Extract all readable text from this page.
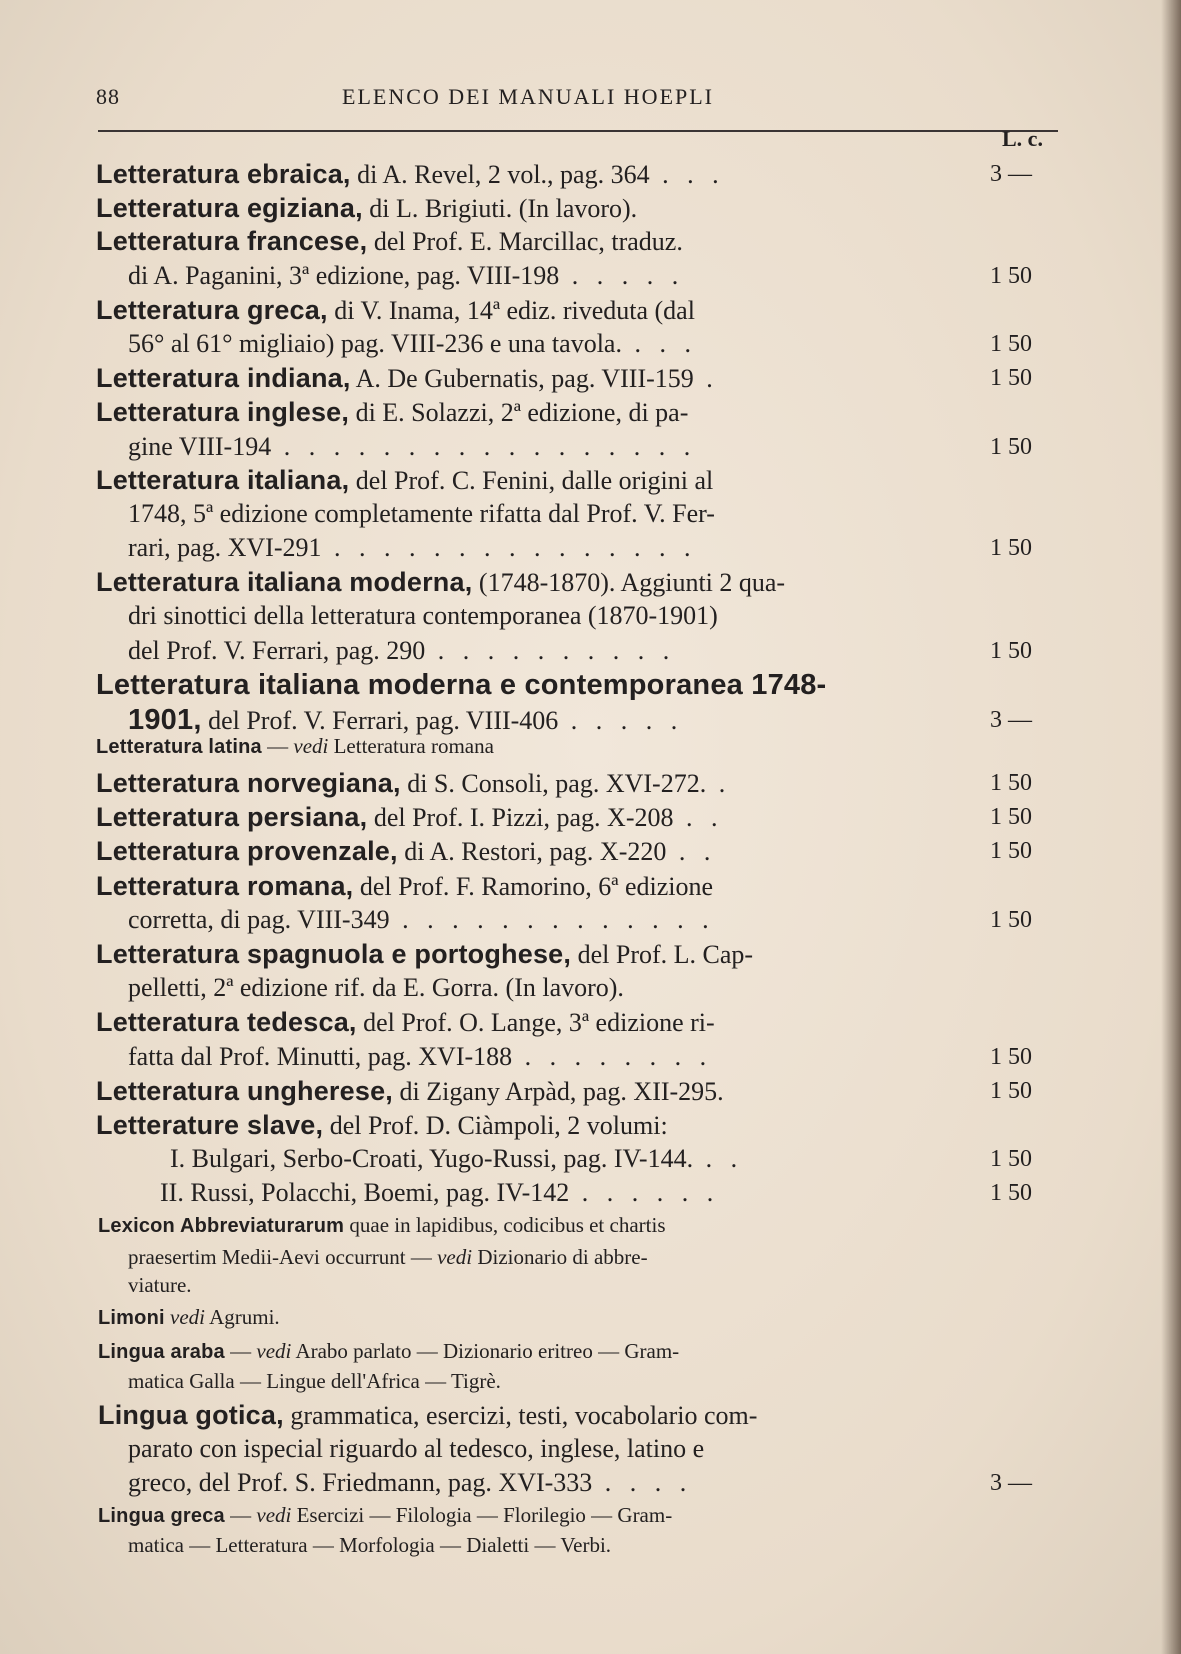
88	ELENCO DEI MANUALI HOEPLI
L. c.
Letteratura ebraica, di A. Revel, 2 vol., pag. 364 . . .	3 —
Letteratura egiziana, di L. Brigiuti. (In lavoro).
Letteratura francese, del Prof. E. Marcillac, traduz.
di A. Paganini, 3ª edizione, pag. VIII-198 . . . . .	1 50
Letteratura greca, di V. Inama, 14ª ediz. riveduta (dal
56° al 61° migliaio) pag. VIII-236 e una tavola. . . .	1 50
Letteratura indiana, A. De Gubernatis, pag. VIII-159 .	1 50
Letteratura inglese, di E. Solazzi, 2ª edizione, di pa-
gine VIII-194 . . . . . . . . . . . . . . . . .	1 50
Letteratura italiana, del Prof. C. Fenini, dalle origini al
1748, 5ª edizione completamente rifatta dal Prof. V. Fer-
rari, pag. XVI-291 . . . . . . . . . . . . . . .	1 50
Letteratura italiana moderna, (1748-1870). Aggiunti 2 qua-
dri sinottici della letteratura contemporanea (1870-1901)
del Prof. V. Ferrari, pag. 290 . . . . . . . . . .	1 50
Letteratura italiana moderna e contemporanea 1748-
1901, del Prof. V. Ferrari, pag. VIII-406 . . . . .	3 —
Letteratura latina — vedi Letteratura romana
Letteratura norvegiana, di S. Consoli, pag. XVI-272. .	1 50
Letteratura persiana, del Prof. I. Pizzi, pag. X-208 . .	1 50
Letteratura provenzale, di A. Restori, pag. X-220 . .	1 50
Letteratura romana, del Prof. F. Ramorino, 6ª edizione
corretta, di pag. VIII-349 . . . . . . . . . . . . .	1 50
Letteratura spagnuola e portoghese, del Prof. L. Cap-
pelletti, 2ª edizione rif. da E. Gorra. (In lavoro).
Letteratura tedesca, del Prof. O. Lange, 3ª edizione ri-
fatta dal Prof. Minutti, pag. XVI-188 . . . . . . . .	1 50
Letteratura ungherese, di Zigany Arpàd, pag. XII-295.	1 50
Letterature slave, del Prof. D. Ciàmpoli, 2 volumi:
I. Bulgari, Serbo-Croati, Yugo-Russi, pag. IV-144. . .	1 50
II. Russi, Polacchi, Boemi, pag. IV-142 . . . . . .	1 50
Lexicon Abbreviaturarum quae in lapidibus, codicibus et chartis
praesertim Medii-Aevi occurrunt — vedi Dizionario di abbre-
viature.
Limoni vedi Agrumi.
Lingua araba — vedi Arabo parlato — Dizionario eritreo — Gram-
matica Galla — Lingue dell'Africa — Tigrè.
Lingua gotica, grammatica, esercizi, testi, vocabolario com-
parato con ispecial riguardo al tedesco, inglese, latino e
greco, del Prof. S. Friedmann, pag. XVI-333 . . . .	3 —
Lingua greca — vedi Esercizi — Filologia — Florilegio — Gram-
matica — Letteratura — Morfologia — Dialetti — Verbi.
